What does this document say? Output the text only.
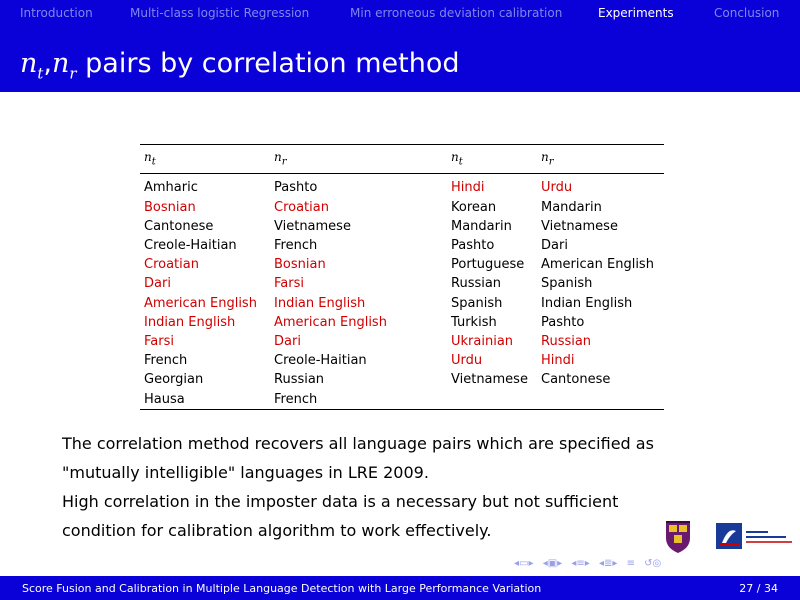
Introduction	Multi-class logistic Regression	Min erroneous deviation calibration	Experiments	Conclusion
$n_t,n_r$ pairs by correlation method
$n_t$	$n_r$	$n_t$	$n_r$
Amharic	Pashto	Hindi	Urdu
Bosnian	Croatian	Korean	Mandarin
Cantonese	Vietnamese	Mandarin	Vietnamese
Creole-Haitian	French	Pashto	Dari
Croatian	Bosnian	Portuguese	American English
Dari	Farsi	Russian	Spanish
American English	Indian English	Spanish	Indian English
Indian English	American English	Turkish	Pashto
Farsi	Dari	Ukrainian	Russian
French	Creole-Haitian	Urdu	Hindi
Georgian	Russian	Vietnamese	Cantonese
Hausa	French		
The correlation method recovers all language pairs which are specified as
"mutually intelligible" languages in LRE 2009.
High correlation in the imposter data is a necessary but not sufficient
condition for calibration algorithm to work effectively.
◂▭▸ ◂▣▸ ◂≡▸ ◂≣▸ ≡ ↺◎
Score Fusion and Calibration in Multiple Language Detection with Large Performance Variation	27 / 34
